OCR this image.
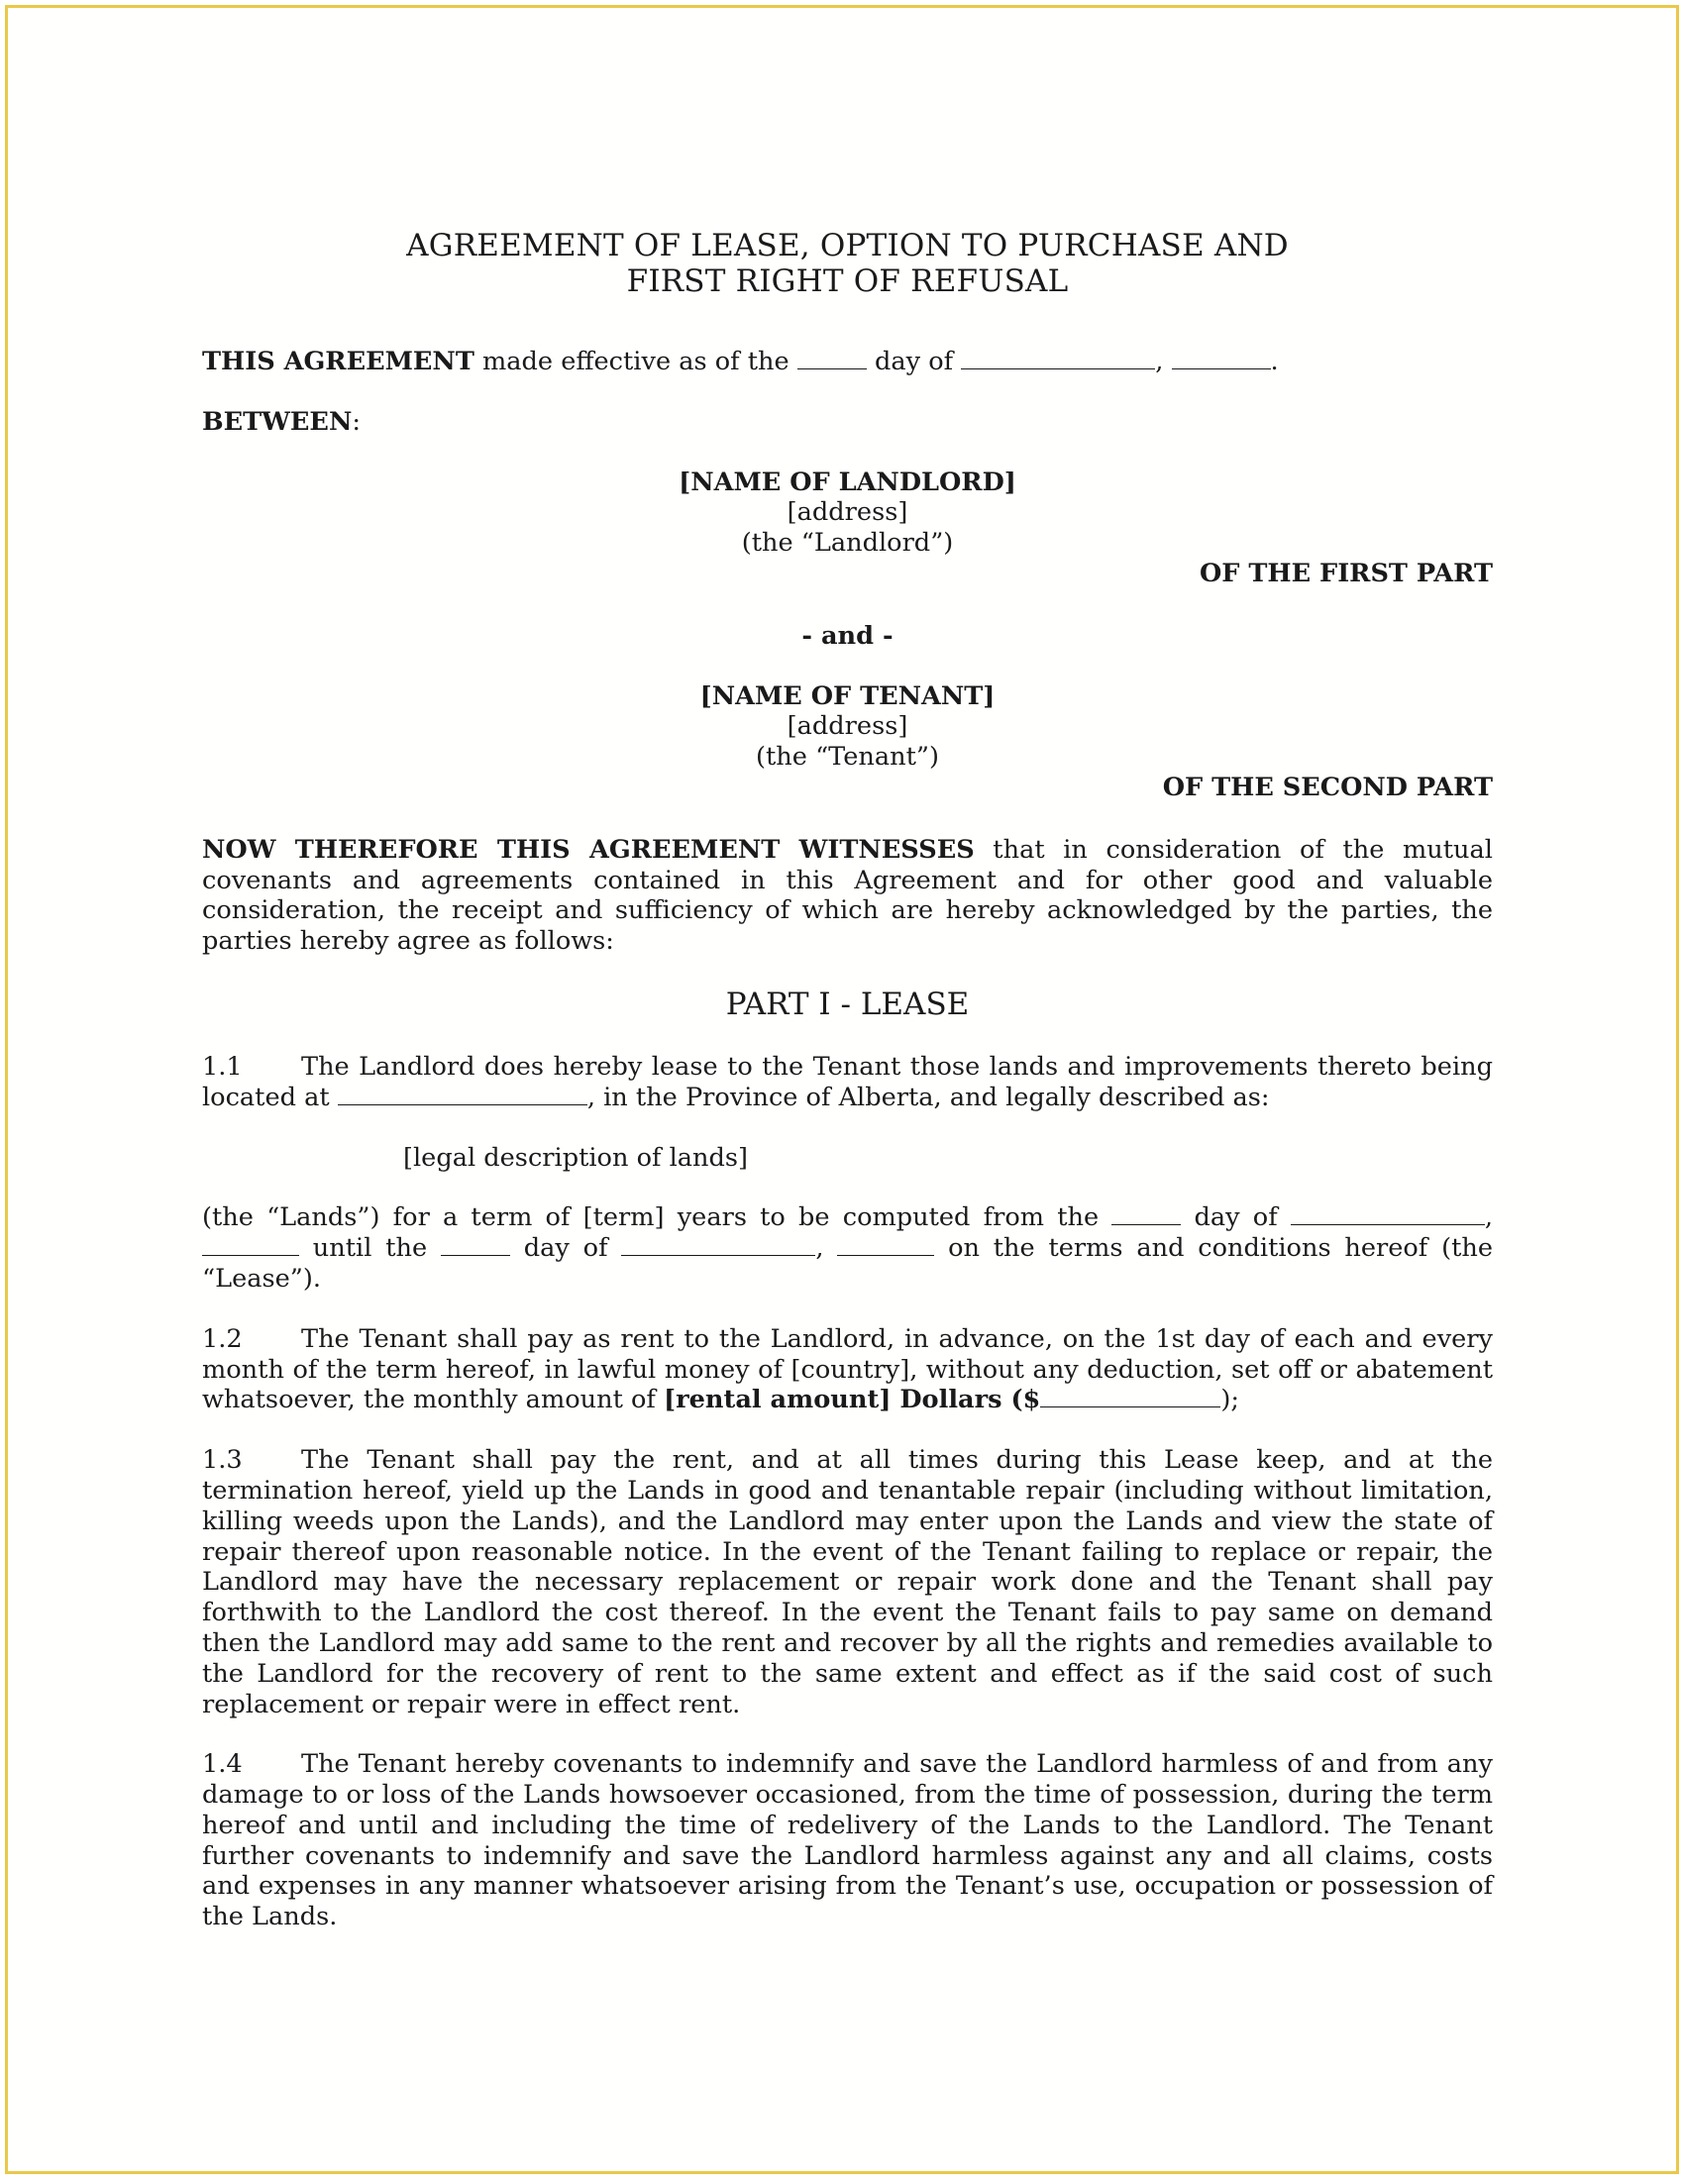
AGREEMENT OF LEASE, OPTION TO PURCHASE AND

FIRST RIGHT OF REFUSAL

THIS AGREEMENT made effective as of the	day of	,	.

BETWEEN:

[NAME OF LANDLORD]

[address]

(the “Landlord”)

OF THE FIRST PART

- and -

[NAME OF TENANT]

[address]

(the “Tenant”)

OF THE SECOND PART

NOW THEREFORE THIS AGREEMENT WITNESSES that in consideration of the mutual covenants and agreements contained in this Agreement and for other good and valuable consideration, the receipt and sufficiency of which are hereby acknowledged by the parties, the parties hereby agree as follows:

PART I - LEASE

1.1 The Landlord does hereby lease to the Tenant those lands and improvements thereto being located at	, in the Province of Alberta, and legally described as:

[legal description of lands]

(the “Lands”) for a term of [term] years to be computed from the	day of	,  until the	day of	,	on the terms and conditions hereof (the “Lease”).

1.2 The Tenant shall pay as rent to the Landlord, in advance, on the 1st day of each and every month of the term hereof, in lawful money of [country], without any deduction, set off or abatement whatsoever, the monthly amount of [rental amount] Dollars ($	);

1.3 The Tenant shall pay the rent, and at all times during this Lease keep, and at the termination hereof, yield up the Lands in good and tenantable repair (including without limitation, killing weeds upon the Lands), and the Landlord may enter upon the Lands and view the state of repair thereof upon reasonable notice. In the event of the Tenant failing to replace or repair, the Landlord may have the necessary replacement or repair work done and the Tenant shall pay forthwith to the Landlord the cost thereof. In the event the Tenant fails to pay same on demand then the Landlord may add same to the rent and recover by all the rights and remedies available to the Landlord for the recovery of rent to the same extent and effect as if the said cost of such replacement or repair were in effect rent.

1.4 The Tenant hereby covenants to indemnify and save the Landlord harmless of and from any damage to or loss of the Lands howsoever occasioned, from the time of possession, during the term hereof and until and including the time of redelivery of the Lands to the Landlord. The Tenant further covenants to indemnify and save the Landlord harmless against any and all claims, costs and expenses in any manner whatsoever arising from the Tenant’s use, occupation or possession of the Lands.
